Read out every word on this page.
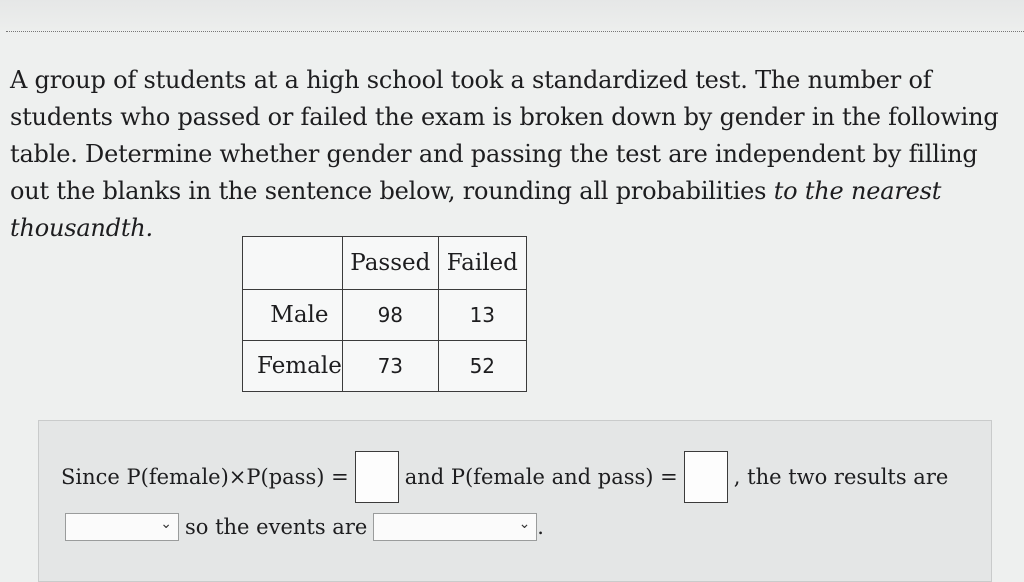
A group of students at a high school took a standardized test. The number of students who passed or failed the exam is broken down by gender in the following table. Determine whether gender and passing the test are independent by filling out the blanks in the sentence below, rounding all probabilities to the nearest thousandth.
	Passed	Failed
Male	98	13
Female	73	52
Since P(female)×P(pass) =	and P(female and pass) =	, the two results are
⌄ so the events are	⌄ .
